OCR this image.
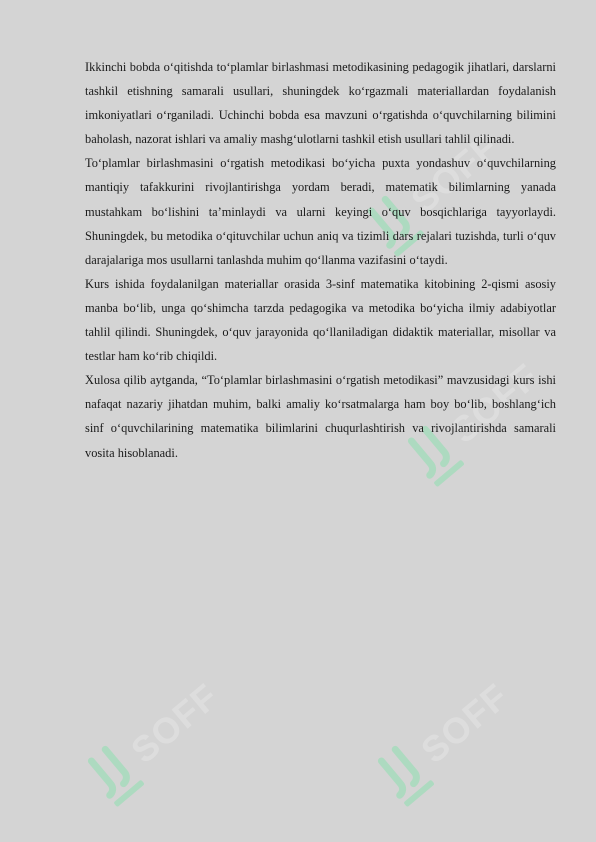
SOFF
SOFF
SOFF	SOFF

Ikkinchi bobda o‘qitishda to‘plamlar birlashmasi metodikasining pedagogik jihatlari, darslarni tashkil etishning samarali usullari, shuningdek ko‘rgazmali materiallardan foydalanish imkoniyatlari o‘rganiladi. Uchinchi bobda esa mavzuni o‘rgatishda o‘quvchilarning bilimini baholash, nazorat ishlari va amaliy mashg‘ulotlarni tashkil etish usullari tahlil qilinadi.

To‘plamlar birlashmasini o‘rgatish metodikasi bo‘yicha puxta yondashuv o‘quvchilarning mantiqiy tafakkurini rivojlantirishga yordam beradi, matematik bilimlarning yanada mustahkam bo‘lishini ta’minlaydi va ularni keyingi o‘quv bosqichlariga tayyorlaydi. Shuningdek, bu metodika o‘qituvchilar uchun aniq va tizimli dars rejalari tuzishda, turli o‘quv darajalariga mos usullarni tanlashda muhim qo‘llanma vazifasini o‘taydi.

Kurs ishida foydalanilgan materiallar orasida 3-sinf matematika kitobining 2-qismi asosiy manba bo‘lib, unga qo‘shimcha tarzda pedagogika va metodika bo‘yicha ilmiy adabiyotlar tahlil qilindi. Shuningdek, o‘quv jarayonida qo‘llaniladigan didaktik materiallar, misollar va testlar ham ko‘rib chiqildi.

Xulosa qilib aytganda, “To‘plamlar birlashmasini o‘rgatish metodikasi” mavzusidagi kurs ishi nafaqat nazariy jihatdan muhim, balki amaliy ko‘rsatmalarga ham boy bo‘lib, boshlang‘ich sinf o‘quvchilarining matematika bilimlarini chuqurlashtirish va rivojlantirishda samarali vosita hisoblanadi.
